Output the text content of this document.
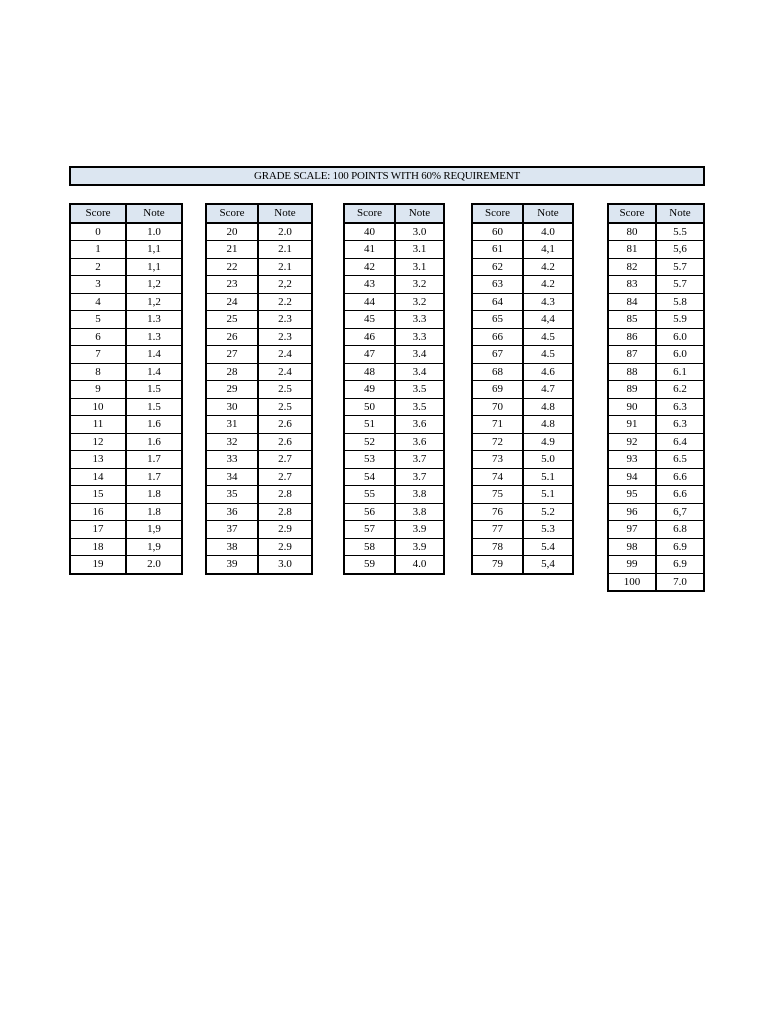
GRADE SCALE: 100 POINTS WITH 60% REQUIREMENT
Score	Note
0	1.0
1	1,1
2	1,1
3	1,2
4	1,2
5	1.3
6	1.3
7	1.4
8	1.4
9	1.5
10	1.5
11	1.6
12	1.6
13	1.7
14	1.7
15	1.8
16	1.8
17	1,9
18	1,9
19	2.0
Score	Note
20	2.0
21	2.1
22	2.1
23	2,2
24	2.2
25	2.3
26	2.3
27	2.4
28	2.4
29	2.5
30	2.5
31	2.6
32	2.6
33	2.7
34	2.7
35	2.8
36	2.8
37	2.9
38	2.9
39	3.0
Score	Note
40	3.0
41	3.1
42	3.1
43	3.2
44	3.2
45	3.3
46	3.3
47	3.4
48	3.4
49	3.5
50	3.5
51	3.6
52	3.6
53	3.7
54	3.7
55	3.8
56	3.8
57	3.9
58	3.9
59	4.0
Score	Note
60	4.0
61	4,1
62	4.2
63	4.2
64	4.3
65	4,4
66	4.5
67	4.5
68	4.6
69	4.7
70	4.8
71	4.8
72	4.9
73	5.0
74	5.1
75	5.1
76	5.2
77	5.3
78	5.4
79	5,4
Score	Note
80	5.5
81	5,6
82	5.7
83	5.7
84	5.8
85	5.9
86	6.0
87	6.0
88	6.1
89	6.2
90	6.3
91	6.3
92	6.4
93	6.5
94	6.6
95	6.6
96	6,7
97	6.8
98	6.9
99	6.9
100	7.0
